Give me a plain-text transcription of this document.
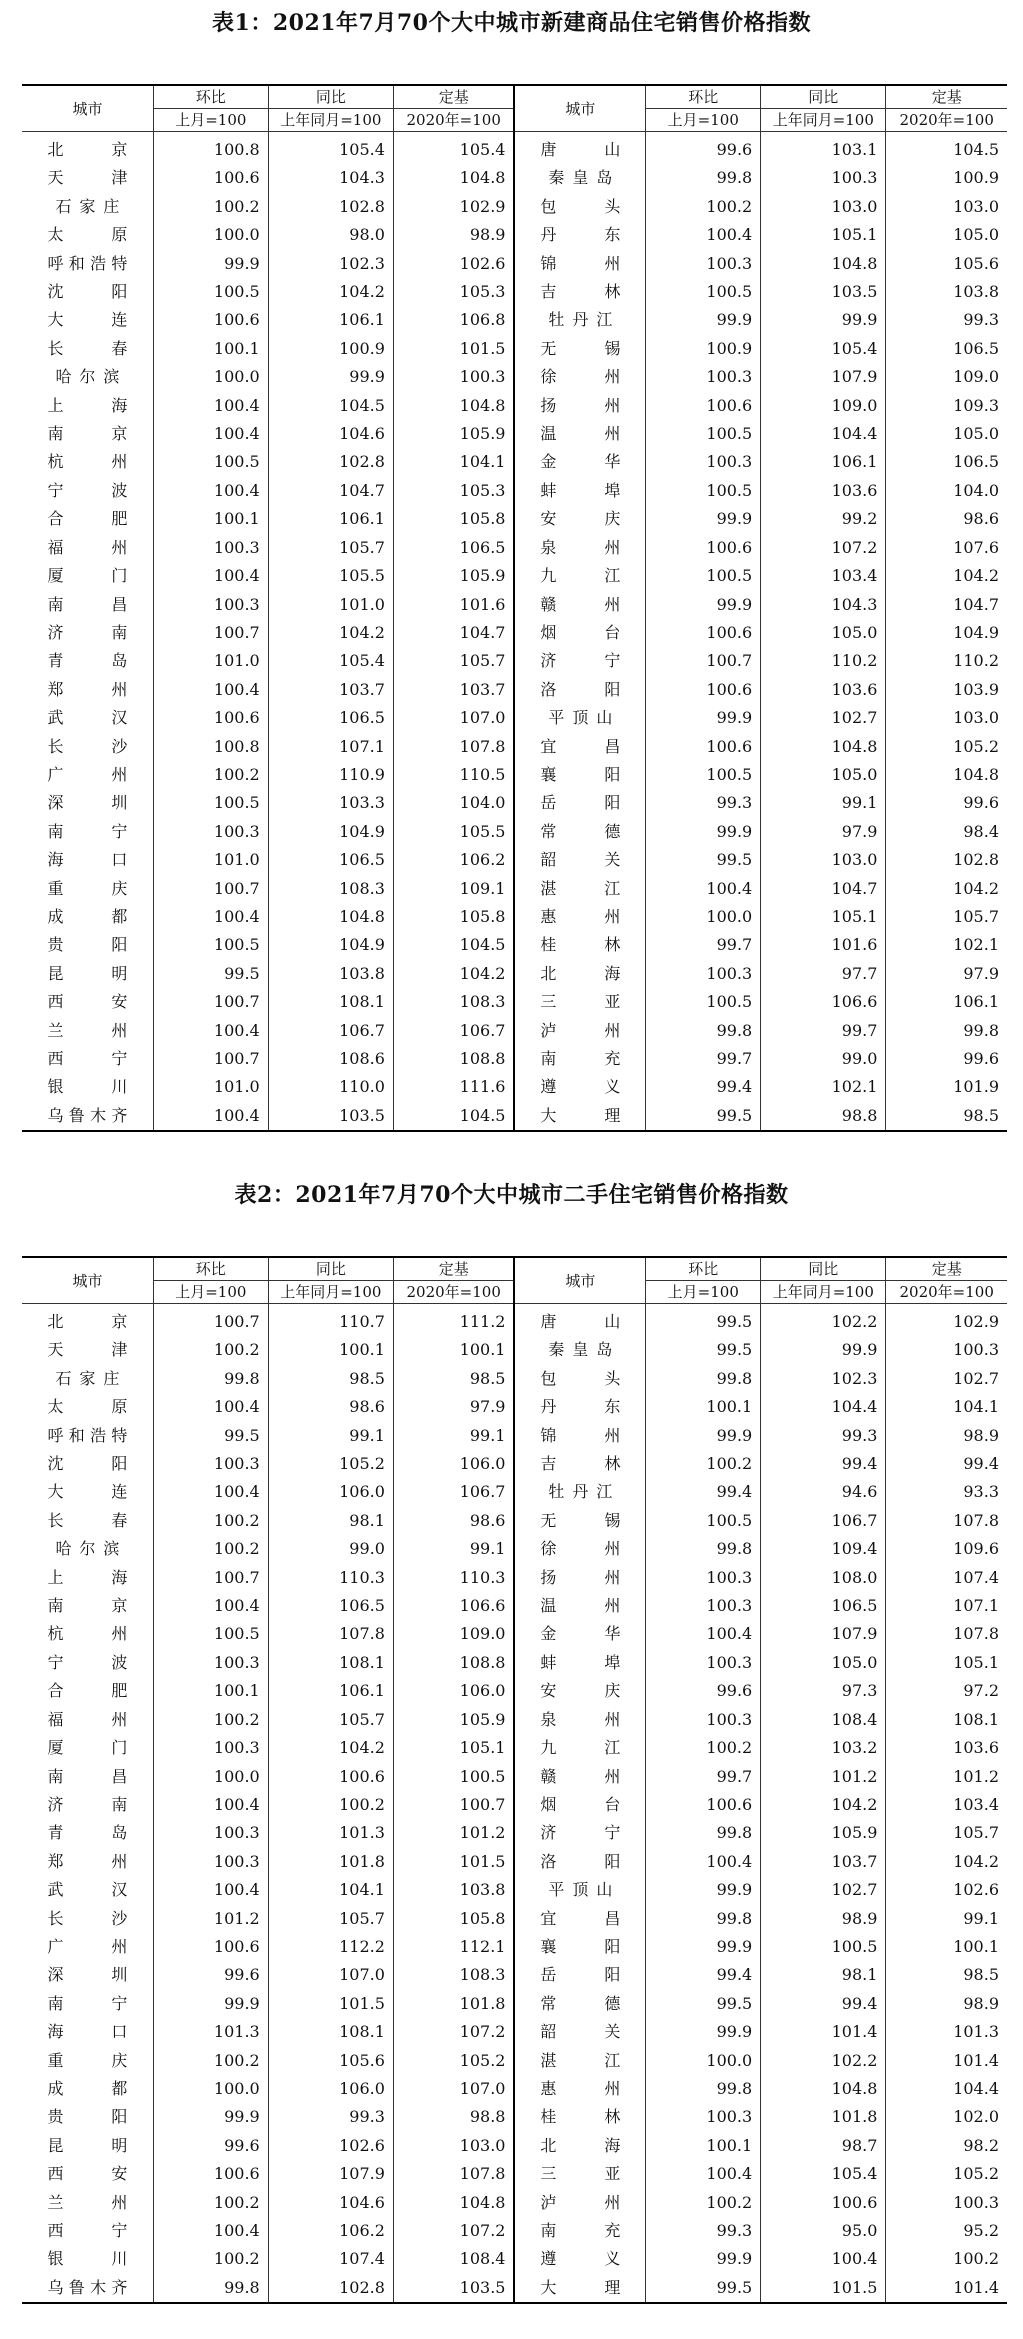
表1：2021年7月70个大中城市新建商品住宅销售价格指数
城市	环比	同比	定基	城市	环比	同比	定基
	上月=100	上年同月=100	2020年=100		上月=100	上年同月=100	2020年=100
北京	100.8	105.4	105.4	唐山	99.6	103.1	104.5
天津	100.6	104.3	104.8	秦皇岛	99.8	100.3	100.9
石家庄	100.2	102.8	102.9	包头	100.2	103.0	103.0
太原	100.0	98.0	98.9	丹东	100.4	105.1	105.0
呼和浩特	99.9	102.3	102.6	锦州	100.3	104.8	105.6
沈阳	100.5	104.2	105.3	吉林	100.5	103.5	103.8
大连	100.6	106.1	106.8	牡丹江	99.9	99.9	99.3
长春	100.1	100.9	101.5	无锡	100.9	105.4	106.5
哈尔滨	100.0	99.9	100.3	徐州	100.3	107.9	109.0
上海	100.4	104.5	104.8	扬州	100.6	109.0	109.3
南京	100.4	104.6	105.9	温州	100.5	104.4	105.0
杭州	100.5	102.8	104.1	金华	100.3	106.1	106.5
宁波	100.4	104.7	105.3	蚌埠	100.5	103.6	104.0
合肥	100.1	106.1	105.8	安庆	99.9	99.2	98.6
福州	100.3	105.7	106.5	泉州	100.6	107.2	107.6
厦门	100.4	105.5	105.9	九江	100.5	103.4	104.2
南昌	100.3	101.0	101.6	赣州	99.9	104.3	104.7
济南	100.7	104.2	104.7	烟台	100.6	105.0	104.9
青岛	101.0	105.4	105.7	济宁	100.7	110.2	110.2
郑州	100.4	103.7	103.7	洛阳	100.6	103.6	103.9
武汉	100.6	106.5	107.0	平顶山	99.9	102.7	103.0
长沙	100.8	107.1	107.8	宜昌	100.6	104.8	105.2
广州	100.2	110.9	110.5	襄阳	100.5	105.0	104.8
深圳	100.5	103.3	104.0	岳阳	99.3	99.1	99.6
南宁	100.3	104.9	105.5	常德	99.9	97.9	98.4
海口	101.0	106.5	106.2	韶关	99.5	103.0	102.8
重庆	100.7	108.3	109.1	湛江	100.4	104.7	104.2
成都	100.4	104.8	105.8	惠州	100.0	105.1	105.7
贵阳	100.5	104.9	104.5	桂林	99.7	101.6	102.1
昆明	99.5	103.8	104.2	北海	100.3	97.7	97.9
西安	100.7	108.1	108.3	三亚	100.5	106.6	106.1
兰州	100.4	106.7	106.7	泸州	99.8	99.7	99.8
西宁	100.7	108.6	108.8	南充	99.7	99.0	99.6
银川	101.0	110.0	111.6	遵义	99.4	102.1	101.9
乌鲁木齐	100.4	103.5	104.5	大理	99.5	98.8	98.5
表2：2021年7月70个大中城市二手住宅销售价格指数
城市	环比	同比	定基	城市	环比	同比	定基
	上月=100	上年同月=100	2020年=100		上月=100	上年同月=100	2020年=100
北京	100.7	110.7	111.2	唐山	99.5	102.2	102.9
天津	100.2	100.1	100.1	秦皇岛	99.5	99.9	100.3
石家庄	99.8	98.5	98.5	包头	99.8	102.3	102.7
太原	100.4	98.6	97.9	丹东	100.1	104.4	104.1
呼和浩特	99.5	99.1	99.1	锦州	99.9	99.3	98.9
沈阳	100.3	105.2	106.0	吉林	100.2	99.4	99.4
大连	100.4	106.0	106.7	牡丹江	99.4	94.6	93.3
长春	100.2	98.1	98.6	无锡	100.5	106.7	107.8
哈尔滨	100.2	99.0	99.1	徐州	99.8	109.4	109.6
上海	100.7	110.3	110.3	扬州	100.3	108.0	107.4
南京	100.4	106.5	106.6	温州	100.3	106.5	107.1
杭州	100.5	107.8	109.0	金华	100.4	107.9	107.8
宁波	100.3	108.1	108.8	蚌埠	100.3	105.0	105.1
合肥	100.1	106.1	106.0	安庆	99.6	97.3	97.2
福州	100.2	105.7	105.9	泉州	100.3	108.4	108.1
厦门	100.3	104.2	105.1	九江	100.2	103.2	103.6
南昌	100.0	100.6	100.5	赣州	99.7	101.2	101.2
济南	100.4	100.2	100.7	烟台	100.6	104.2	103.4
青岛	100.3	101.3	101.2	济宁	99.8	105.9	105.7
郑州	100.3	101.8	101.5	洛阳	100.4	103.7	104.2
武汉	100.4	104.1	103.8	平顶山	99.9	102.7	102.6
长沙	101.2	105.7	105.8	宜昌	99.8	98.9	99.1
广州	100.6	112.2	112.1	襄阳	99.9	100.5	100.1
深圳	99.6	107.0	108.3	岳阳	99.4	98.1	98.5
南宁	99.9	101.5	101.8	常德	99.5	99.4	98.9
海口	101.3	108.1	107.2	韶关	99.9	101.4	101.3
重庆	100.2	105.6	105.2	湛江	100.0	102.2	101.4
成都	100.0	106.0	107.0	惠州	99.8	104.8	104.4
贵阳	99.9	99.3	98.8	桂林	100.3	101.8	102.0
昆明	99.6	102.6	103.0	北海	100.1	98.7	98.2
西安	100.6	107.9	107.8	三亚	100.4	105.4	105.2
兰州	100.2	104.6	104.8	泸州	100.2	100.6	100.3
西宁	100.4	106.2	107.2	南充	99.3	95.0	95.2
银川	100.2	107.4	108.4	遵义	99.9	100.4	100.2
乌鲁木齐	99.8	102.8	103.5	大理	99.5	101.5	101.4
